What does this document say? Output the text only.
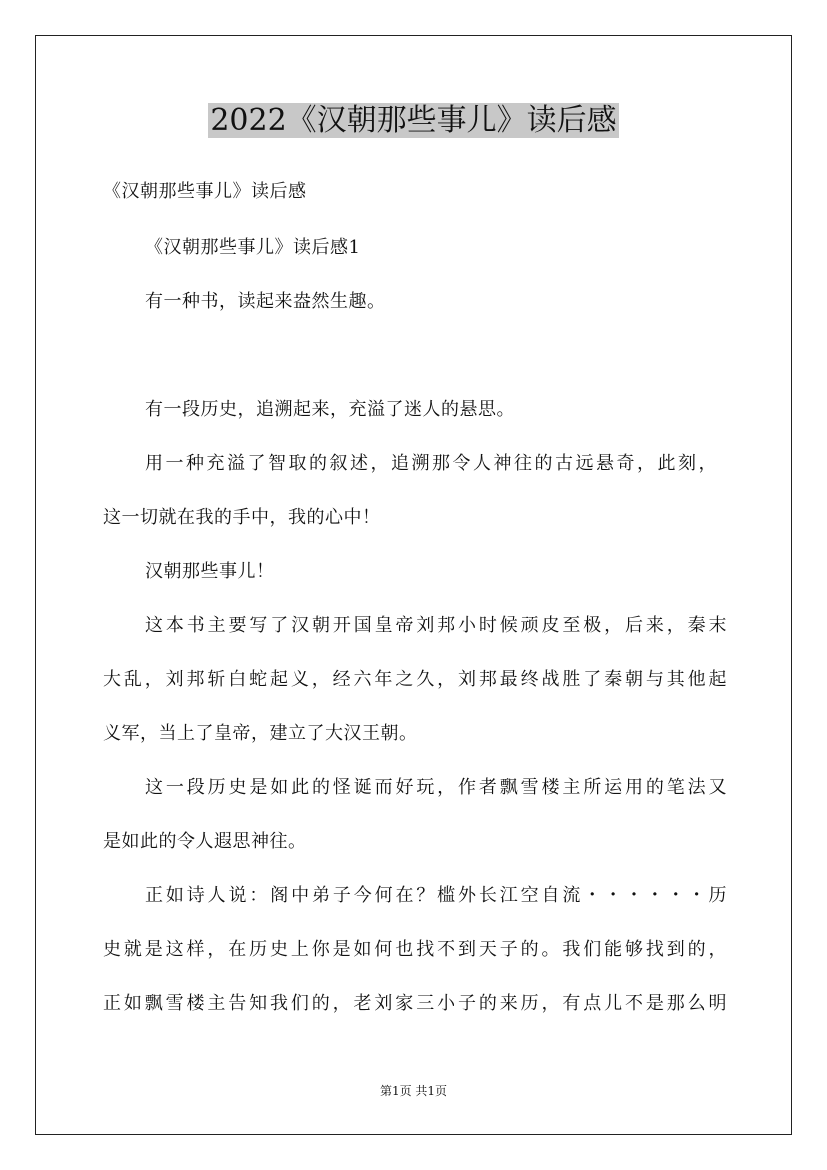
2022《汉朝那些事儿》读后感
《汉朝那些事儿》读后感
《汉朝那些事儿》读后感1
有一种书，读起来盎然生趣。
有一段历史，追溯起来，充溢了迷人的悬思。
用一种充溢了智取的叙述，追溯那令人神往的古远悬奇，此刻，
这一切就在我的手中，我的心中！
汉朝那些事儿！
这本书主要写了汉朝开国皇帝刘邦小时候顽皮至极，后来，秦末
大乱，刘邦斩白蛇起义，经六年之久，刘邦最终战胜了秦朝与其他起
义军，当上了皇帝，建立了大汉王朝。
这一段历史是如此的怪诞而好玩，作者飘雪楼主所运用的笔法又
是如此的令人遐思神往。
正如诗人说：阁中弟子今何在？槛外长江空自流・・・・・・历
史就是这样，在历史上你是如何也找不到天子的。我们能够找到的，
正如飘雪楼主告知我们的，老刘家三小子的来历，有点儿不是那么明
第1页 共1页
